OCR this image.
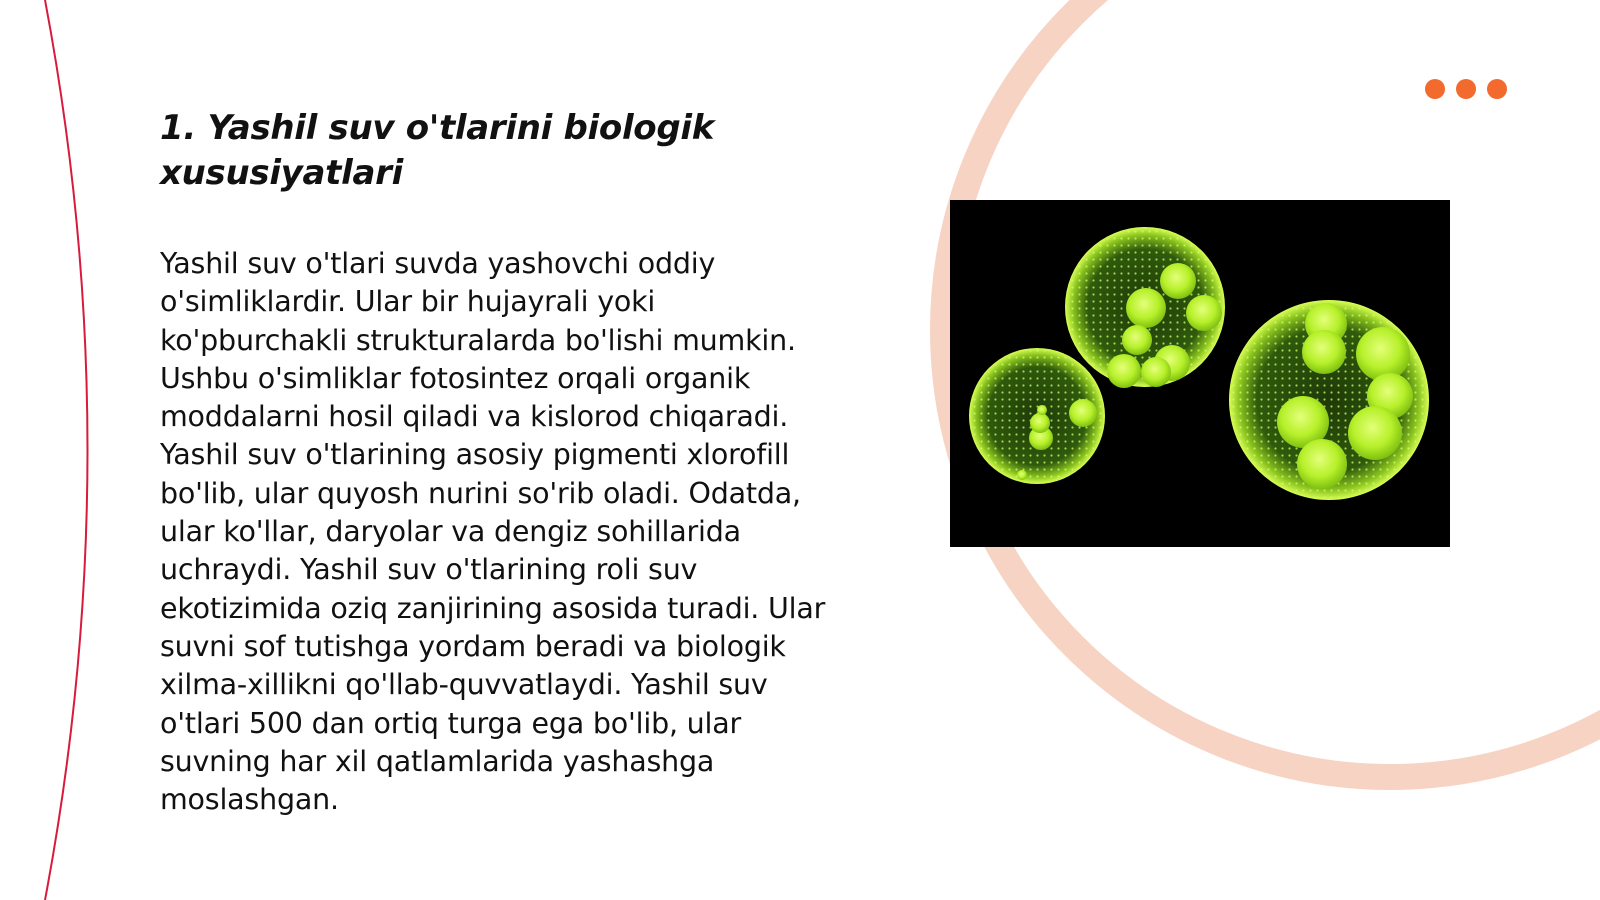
1. Yashil suv o'tlarini biologik xususiyatlari

Yashil suv o'tlari suvda yashovchi oddiy o'simliklardir. Ular bir hujayrali yoki ko'pburchakli strukturalarda bo'lishi mumkin. Ushbu o'simliklar fotosintez orqali organik moddalarni hosil qiladi va kislorod chiqaradi. Yashil suv o'tlarining asosiy pigmenti xlorofill bo'lib, ular quyosh nurini so'rib oladi. Odatda, ular ko'llar, daryolar va dengiz sohillarida uchraydi. Yashil suv o'tlarining roli suv ekotizimida oziq zanjirining asosida turadi. Ular suvni sof tutishga yordam beradi va biologik xilma-xillikni qo'llab-quvvatlaydi. Yashil suv o'tlari 500 dan ortiq turga ega bo'lib, ular suvning har xil qatlamlarida yashashga moslashgan.
